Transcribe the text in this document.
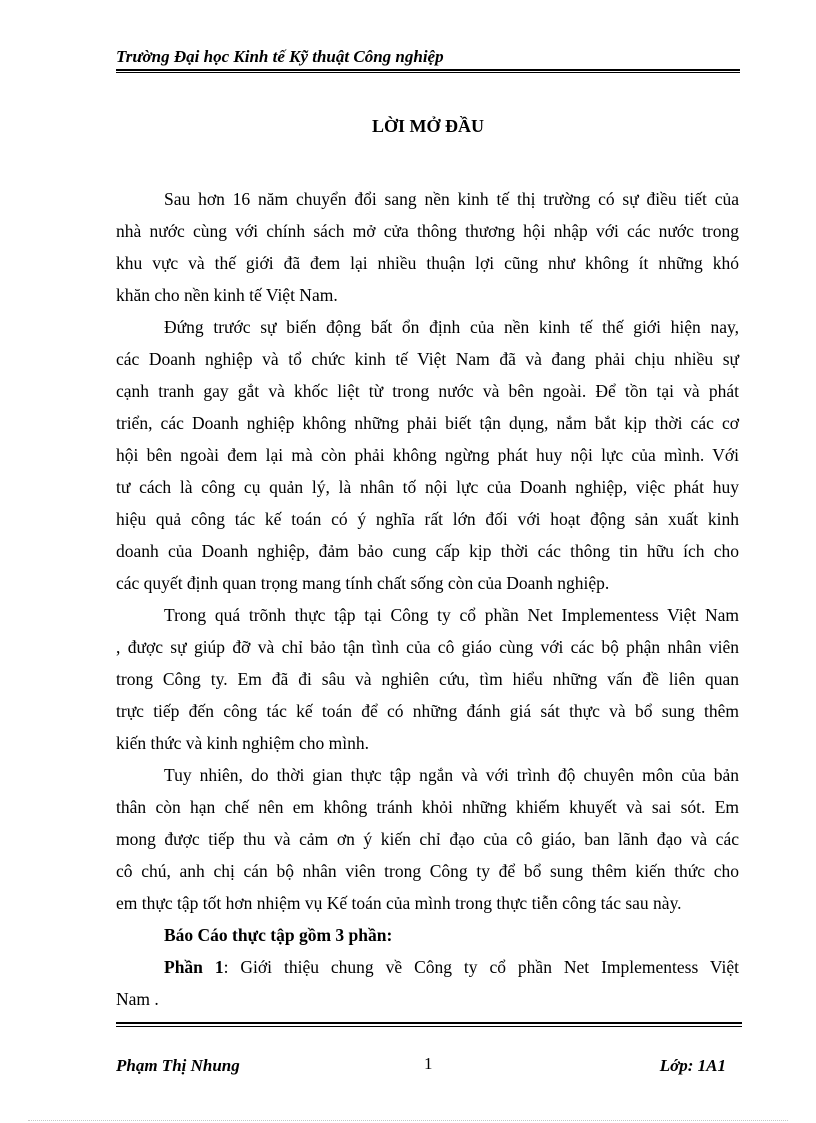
Trường Đại học Kinh tế Kỹ thuật Công nghiệp
LỜI MỞ ĐẦU
Sau hơn 16 năm chuyển đổi sang nền kinh tế thị trường có sự điều tiết của
nhà nước cùng với chính sách mở cửa thông thương hội nhập với các nước trong
khu vực và thế giới đã đem lại nhiều thuận lợi cũng như không ít những khó
khăn cho nền kinh tế Việt Nam.
Đứng trước sự biến động bất ổn định của nền kinh tế thế giới hiện nay,
các Doanh nghiệp và tổ chức kinh tế Việt Nam đã và đang phải chịu nhiều sự
cạnh tranh gay gắt và khốc liệt từ trong nước và bên ngoài. Để tồn tại và phát
triển, các Doanh nghiệp không những phải biết tận dụng, nắm bắt kịp thời các cơ
hội bên ngoài đem lại mà còn phải không ngừng phát huy nội lực của mình. Với
tư cách là công cụ quản lý, là nhân tố nội lực của Doanh nghiệp, việc phát huy
hiệu quả công tác kế toán có ý nghĩa rất lớn đối với hoạt động sản xuất kinh
doanh của Doanh nghiệp, đảm bảo cung cấp kịp thời các thông tin hữu ích cho
các quyết định quan trọng mang tính chất sống còn của Doanh nghiệp.
Trong quá trõnh thực tập tại Công ty cổ phần Net Implementess Việt Nam
, được sự giúp đỡ và chỉ bảo tận tình của cô giáo cùng với các bộ phận nhân viên
trong Công ty. Em đã đi sâu và nghiên cứu, tìm hiểu những vấn đề liên quan
trực tiếp đến công tác kế toán để có những đánh giá sát thực và bổ sung thêm
kiến thức và kinh nghiệm cho mình.
Tuy nhiên, do thời gian thực tập ngắn và với trình độ chuyên môn của bản
thân còn hạn chế nên em không tránh khỏi những khiếm khuyết và sai sót. Em
mong được tiếp thu và cảm ơn ý kiến chỉ đạo của cô giáo, ban lãnh đạo và các
cô chú, anh chị cán bộ nhân viên trong Công ty để bổ sung thêm kiến thức cho
em thực tập tốt hơn nhiệm vụ Kế toán của mình trong thực tiễn công tác sau này.
Báo Cáo thực tập gồm 3 phần:
Phần 1: Giới thiệu chung về Công ty cổ phần Net Implementess Việt
Nam .
Phạm Thị Nhung	1	Lớp: 1A1
